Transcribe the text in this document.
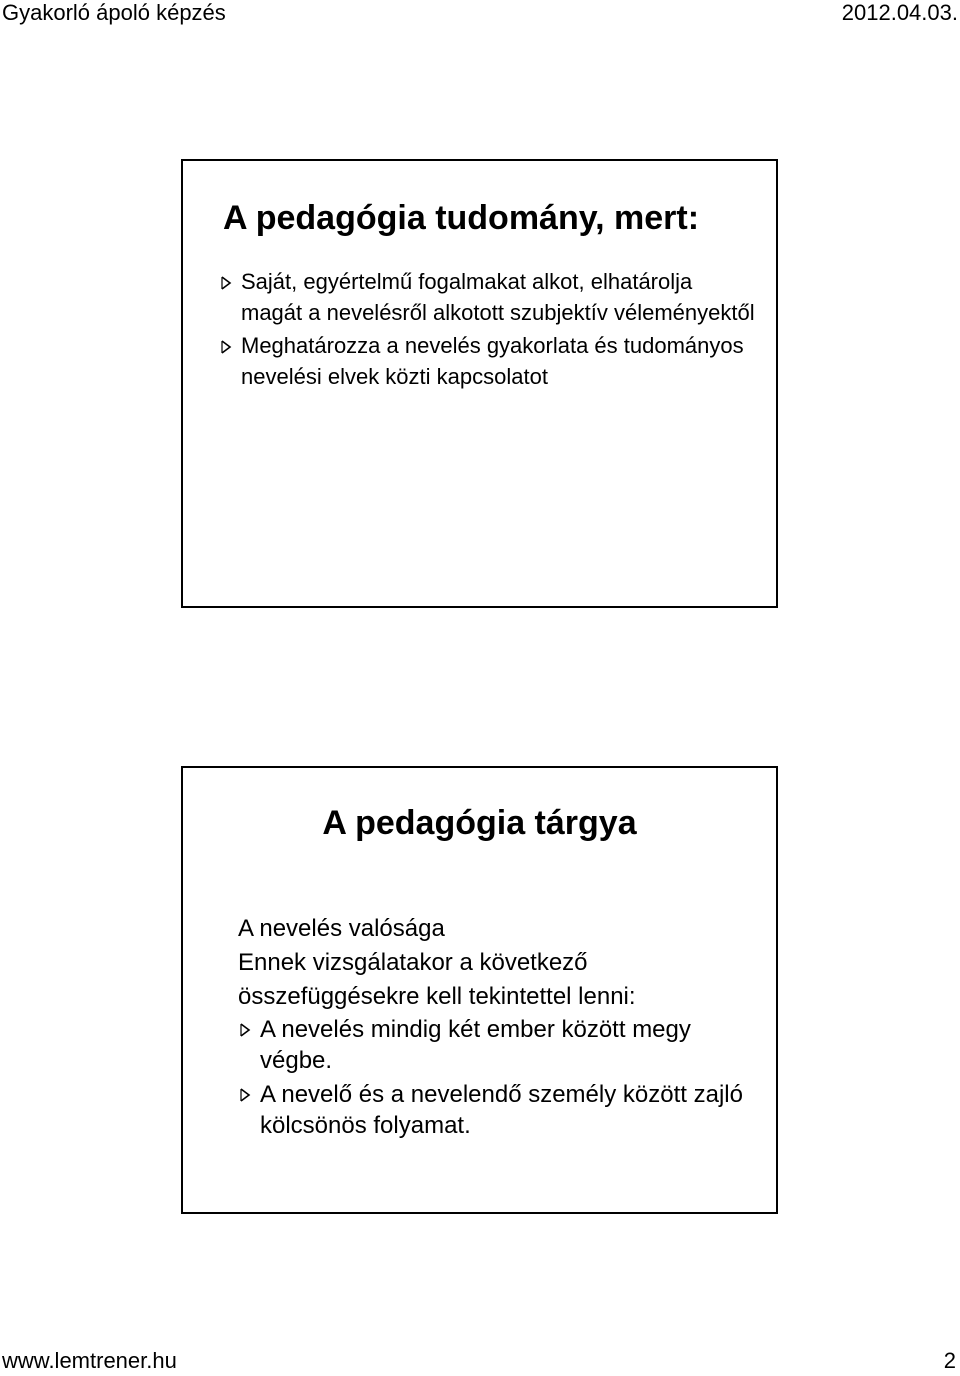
Gyakorló ápoló képzés	2012.04.03.
A pedagógia tudomány, mert:
Saját, egyértelmű fogalmakat alkot, elhatárolja magát a nevelésről alkotott szubjektív véleményektől
Meghatározza a nevelés gyakorlata és tudományos nevelési elvek közti kapcsolatot
A pedagógia tárgya
A nevelés valósága
Ennek vizsgálatakor a következő
összefüggésekre kell tekintettel lenni:
A nevelés mindig két ember között megy végbe.
A nevelő és a nevelendő személy között zajló kölcsönös folyamat.
www.lemtrener.hu	2
